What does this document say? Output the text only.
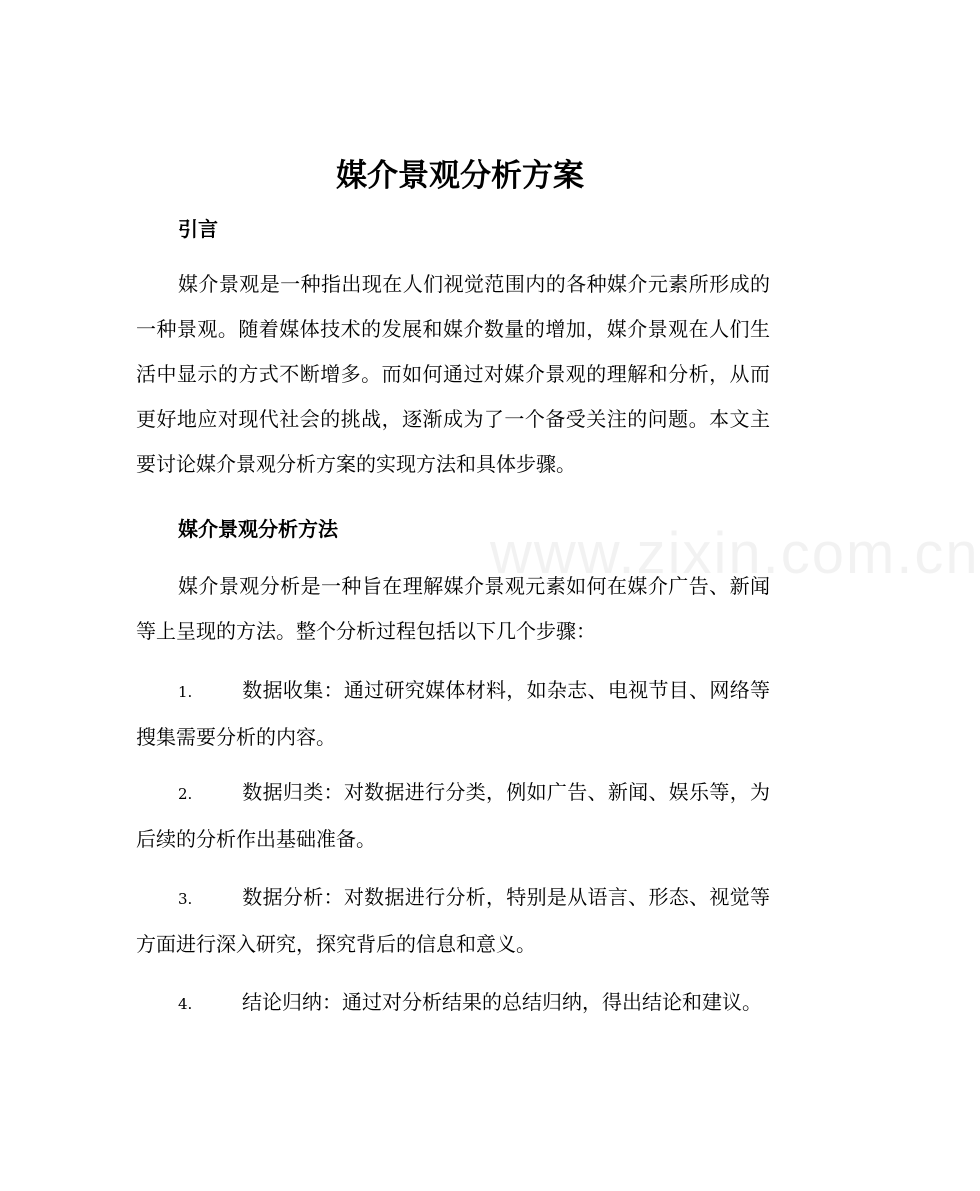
www.zixin.com.cn
媒介景观分析方案
引言

媒介景观是一种指出现在人们视觉范围内的各种媒介元素所形成的一种景观。随着媒体技术的发展和媒介数量的增加，媒介景观在人们生活中显示的方式不断增多。而如何通过对媒介景观的理解和分析，从而更好地应对现代社会的挑战，逐渐成为了一个备受关注的问题。本文主要讨论媒介景观分析方案的实现方法和具体步骤。

媒介景观分析方法

媒介景观分析是一种旨在理解媒介景观元素如何在媒介广告、新闻等上呈现的方法。整个分析过程包括以下几个步骤：

1. 数据收集：通过研究媒体材料，如杂志、电视节目、网络等搜集需要分析的内容。
2. 数据归类：对数据进行分类，例如广告、新闻、娱乐等，为后续的分析作出基础准备。
3. 数据分析：对数据进行分析，特别是从语言、形态、视觉等方面进行深入研究，探究背后的信息和意义。
4. 结论归纳：通过对分析结果的总结归纳，得出结论和建议。
